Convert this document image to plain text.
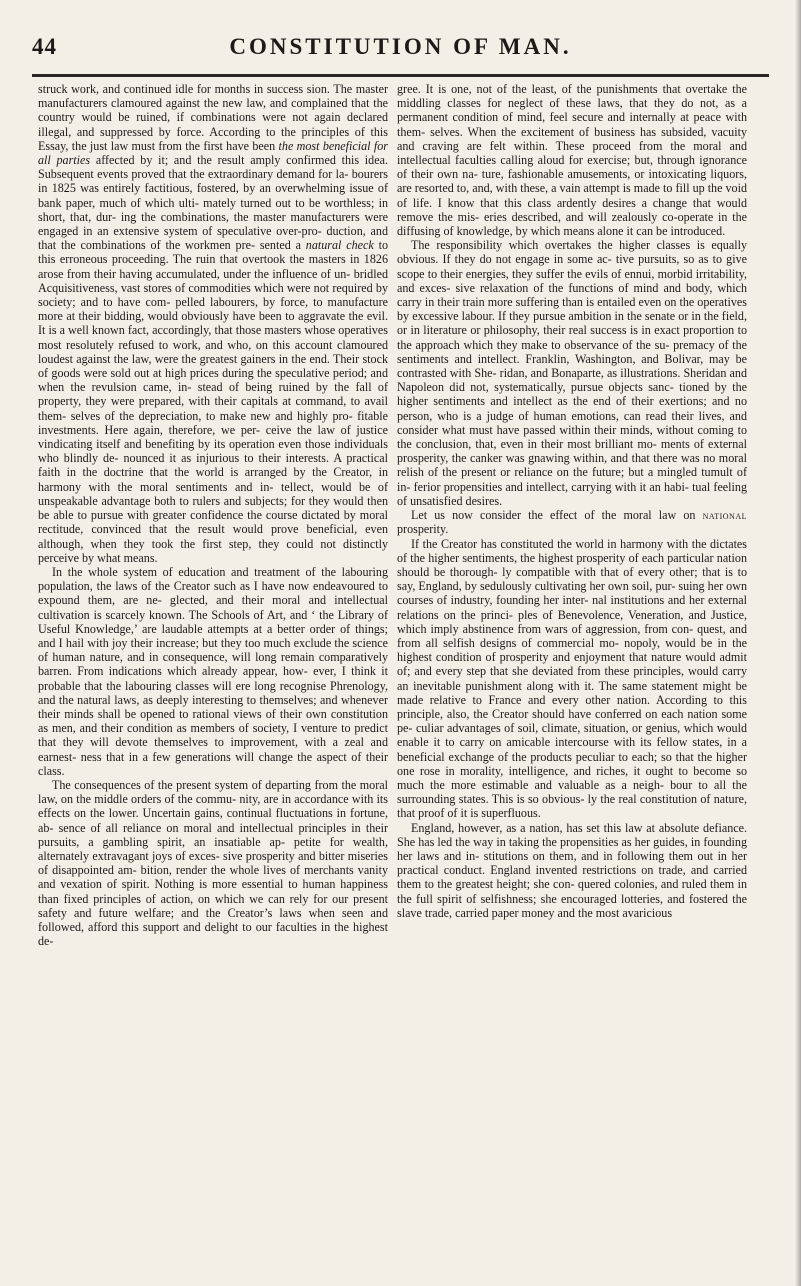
44	CONSTITUTION OF MAN.

struck work, and continued idle for months in success sion. The master manufacturers clamoured against the new law, and complained that the country would be ruined, if combinations were not again declared illegal, and suppressed by force. According to the principles of this Essay, the just law must from the first have been the most beneficial for all parties affected by it; and the result amply confirmed this idea. Subsequent events proved that the extraordinary demand for la- bourers in 1825 was entirely factitious, fostered, by an overwhelming issue of bank paper, much of which ulti- mately turned out to be worthless; in short, that, dur- ing the combinations, the master manufacturers were engaged in an extensive system of speculative over-pro- duction, and that the combinations of the workmen pre- sented a natural check to this erroneous proceeding. The ruin that overtook the masters in 1826 arose from their having accumulated, under the influence of un- bridled Acquisitiveness, vast stores of commodities which were not required by society; and to have com- pelled labourers, by force, to manufacture more at their bidding, would obviously have been to aggravate the evil. It is a well known fact, accordingly, that those masters whose operatives most resolutely refused to work, and who, on this account clamoured loudest against the law, were the greatest gainers in the end. Their stock of goods were sold out at high prices during the speculative period; and when the revulsion came, in- stead of being ruined by the fall of property, they were prepared, with their capitals at command, to avail them- selves of the depreciation, to make new and highly pro- fitable investments. Here again, therefore, we per- ceive the law of justice vindicating itself and benefiting by its operation even those individuals who blindly de- nounced it as injurious to their interests. A practical faith in the doctrine that the world is arranged by the Creator, in harmony with the moral sentiments and in- tellect, would be of unspeakable advantage both to rulers and subjects; for they would then be able to pursue with greater confidence the course dictated by moral rectitude, convinced that the result would prove beneficial, even although, when they took the first step, they could not distinctly perceive by what means.

In the whole system of education and treatment of the labouring population, the laws of the Creator such as I have now endeavoured to expound them, are ne- glected, and their moral and intellectual cultivation is scarcely known. The Schools of Art, and ‘ the Library of Useful Knowledge,’ are laudable attempts at a better order of things; and I hail with joy their increase; but they too much exclude the science of human nature, and in consequence, will long remain comparatively barren. From indications which already appear, how- ever, I think it probable that the labouring classes will ere long recognise Phrenology, and the natural laws, as deeply interesting to themselves; and whenever their minds shall be opened to rational views of their own constitution as men, and their condition as members of society, I venture to predict that they will devote themselves to improvement, with a zeal and earnest- ness that in a few generations will change the aspect of their class.

The consequences of the present system of departing from the moral law, on the middle orders of the commu- nity, are in accordance with its effects on the lower. Uncertain gains, continual fluctuations in fortune, ab- sence of all reliance on moral and intellectual principles in their pursuits, a gambling spirit, an insatiable ap- petite for wealth, alternately extravagant joys of exces- sive prosperity and bitter miseries of disappointed am- bition, render the whole lives of merchants vanity and vexation of spirit. Nothing is more essential to human happiness than fixed principles of action, on which we can rely for our present safety and future welfare; and the Creator’s laws when seen and followed, afford this support and delight to our faculties in the highest de-

gree. It is one, not of the least, of the punishments that overtake the middling classes for neglect of these laws, that they do not, as a permanent condition of mind, feel secure and internally at peace with them- selves. When the excitement of business has subsided, vacuity and craving are felt within. These proceed from the moral and intellectual faculties calling aloud for exercise; but, through ignorance of their own na- ture, fashionable amusements, or intoxicating liquors, are resorted to, and, with these, a vain attempt is made to fill up the void of life. I know that this class ardently desires a change that would remove the mis- eries described, and will zealously co-operate in the diffusing of knowledge, by which means alone it can be introduced.

The responsibility which overtakes the higher classes is equally obvious. If they do not engage in some ac- tive pursuits, so as to give scope to their energies, they suffer the evils of ennui, morbid irritability, and exces- sive relaxation of the functions of mind and body, which carry in their train more suffering than is entailed even on the operatives by excessive labour. If they pursue ambition in the senate or in the field, or in literature or philosophy, their real success is in exact proportion to the approach which they make to observance of the su- premacy of the sentiments and intellect. Franklin, Washington, and Bolivar, may be contrasted with She- ridan, and Bonaparte, as illustrations. Sheridan and Napoleon did not, systematically, pursue objects sanc- tioned by the higher sentiments and intellect as the end of their exertions; and no person, who is a judge of human emotions, can read their lives, and consider what must have passed within their minds, without coming to the conclusion, that, even in their most brilliant mo- ments of external prosperity, the canker was gnawing within, and that there was no moral relish of the present or reliance on the future; but a mingled tumult of in- ferior propensities and intellect, carrying with it an habi- tual feeling of unsatisfied desires.

Let us now consider the effect of the moral law on national prosperity.

If the Creator has constituted the world in harmony with the dictates of the higher sentiments, the highest prosperity of each particular nation should be thorough- ly compatible with that of every other; that is to say, England, by sedulously cultivating her own soil, pur- suing her own courses of industry, founding her inter- nal institutions and her external relations on the princi- ples of Benevolence, Veneration, and Justice, which imply abstinence from wars of aggression, from con- quest, and from all selfish designs of commercial mo- nopoly, would be in the highest condition of prosperity and enjoyment that nature would admit of; and every step that she deviated from these principles, would carry an inevitable punishment along with it. The same statement might be made relative to France and every other nation. According to this principle, also, the Creator should have conferred on each nation some pe- culiar advantages of soil, climate, situation, or genius, which would enable it to carry on amicable intercourse with its fellow states, in a beneficial exchange of the products peculiar to each; so that the higher one rose in morality, intelligence, and riches, it ought to become so much the more estimable and valuable as a neigh- bour to all the surrounding states. This is so obvious- ly the real constitution of nature, that proof of it is superfluous.

England, however, as a nation, has set this law at absolute defiance. She has led the way in taking the propensities as her guides, in founding her laws and in- stitutions on them, and in following them out in her practical conduct. England invented restrictions on trade, and carried them to the greatest height; she con- quered colonies, and ruled them in the full spirit of selfishness; she encouraged lotteries, and fostered the slave trade, carried paper money and the most avaricious
